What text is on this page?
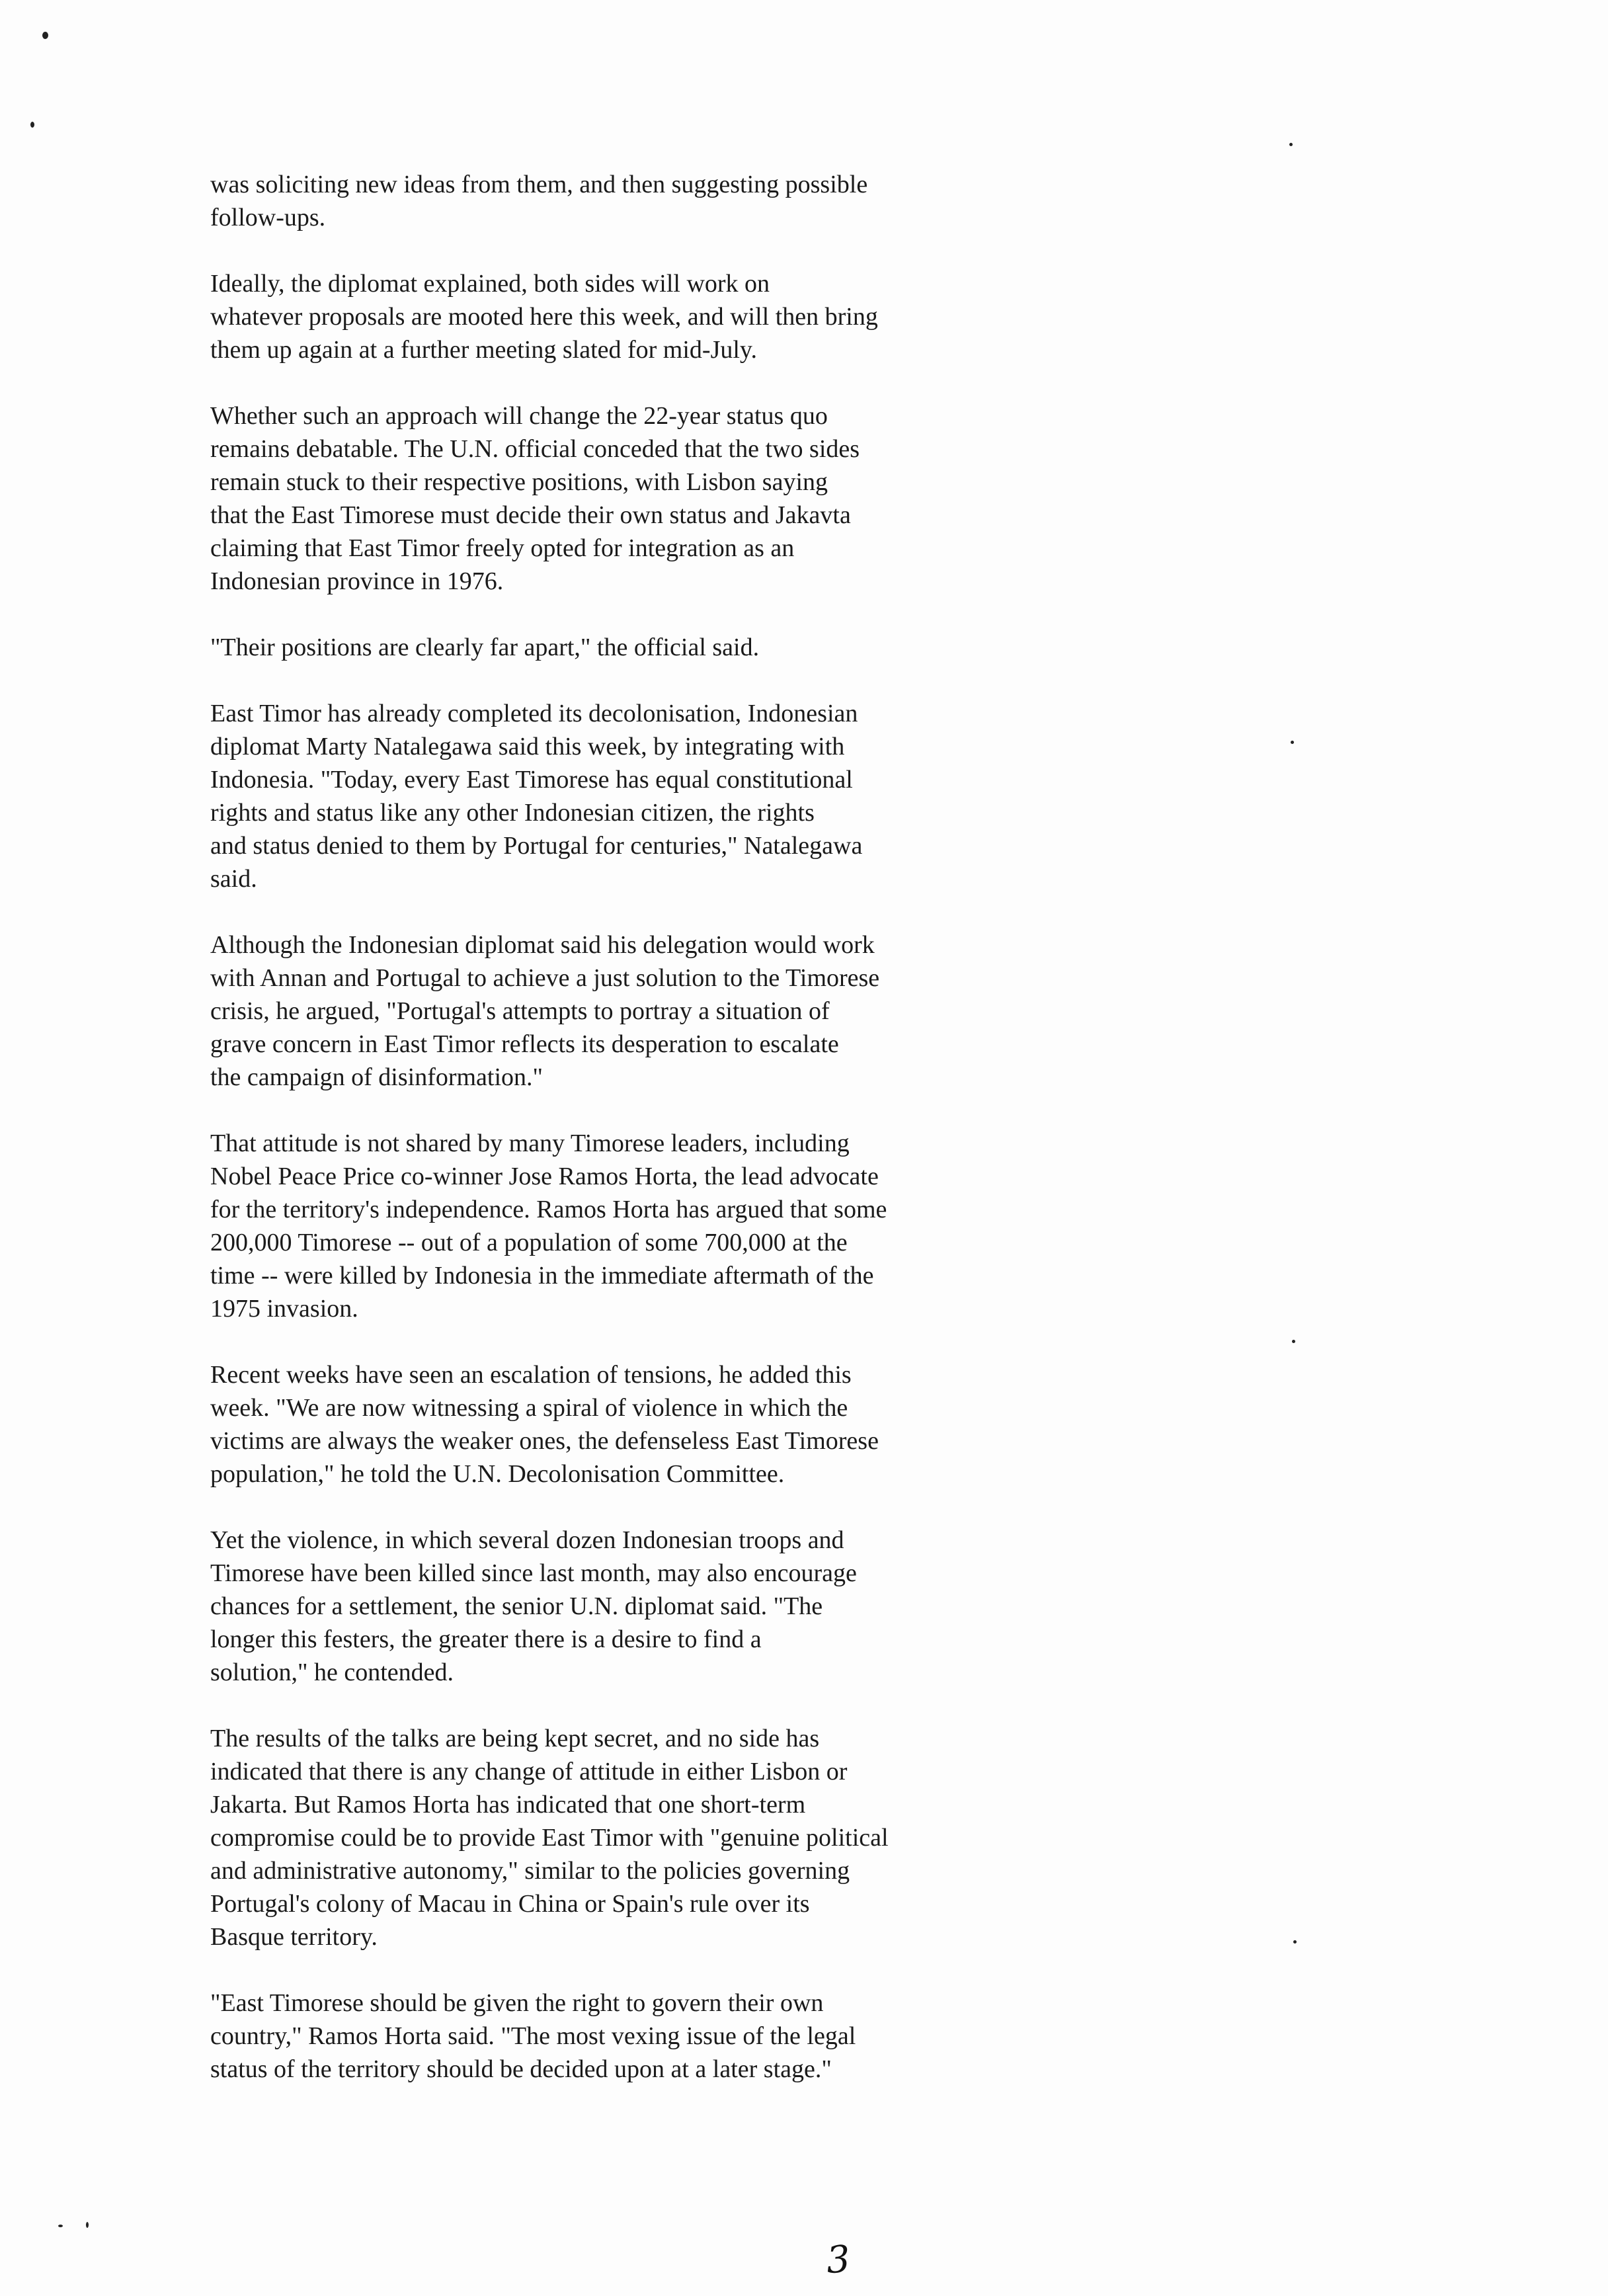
was soliciting new ideas from them, and then suggesting possible
follow-ups.

Ideally, the diplomat explained, both sides will work on
whatever proposals are mooted here this week, and will then bring
them up again at a further meeting slated for mid-July.

Whether such an approach will change the 22-year status quo
remains debatable. The U.N. official conceded that the two sides
remain stuck to their respective positions, with Lisbon saying
that the East Timorese must decide their own status and Jakavta
claiming that East Timor freely opted for integration as an
Indonesian province in 1976.

"Their positions are clearly far apart," the official said.

East Timor has already completed its decolonisation, Indonesian
diplomat Marty Natalegawa said this week, by integrating with
Indonesia. "Today, every East Timorese has equal constitutional
rights and status like any other Indonesian citizen, the rights
and status denied to them by Portugal for centuries," Natalegawa
said.

Although the Indonesian diplomat said his delegation would work
with Annan and Portugal to achieve a just solution to the Timorese
crisis, he argued, "Portugal's attempts to portray a situation of
grave concern in East Timor reflects its desperation to escalate
the campaign of disinformation."

That attitude is not shared by many Timorese leaders, including
Nobel Peace Price co-winner Jose Ramos Horta, the lead advocate
for the territory's independence. Ramos Horta has argued that some
200,000 Timorese -- out of a population of some 700,000 at the
time -- were killed by Indonesia in the immediate aftermath of the
1975 invasion.

Recent weeks have seen an escalation of tensions, he added this
week. "We are now witnessing a spiral of violence in which the
victims are always the weaker ones, the defenseless East Timorese
population," he told the U.N. Decolonisation Committee.

Yet the violence, in which several dozen Indonesian troops and
Timorese have been killed since last month, may also encourage
chances for a settlement, the senior U.N. diplomat said. "The
longer this festers, the greater there is a desire to find a
solution," he contended.

The results of the talks are being kept secret, and no side has
indicated that there is any change of attitude in either Lisbon or
Jakarta. But Ramos Horta has indicated that one short-term
compromise could be to provide East Timor with "genuine political
and administrative autonomy," similar to the policies governing
Portugal's colony of Macau in China or Spain's rule over its
Basque territory.

"East Timorese should be given the right to govern their own
country," Ramos Horta said. "The most vexing issue of the legal
status of the territory should be decided upon at a later stage."

3
